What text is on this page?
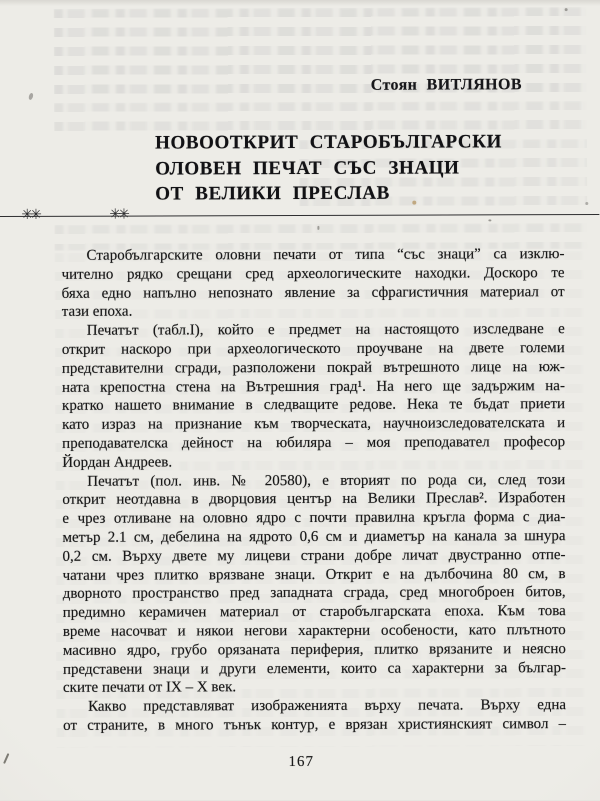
Стоян ВИТЛЯНОВ
НОВООТКРИТ СТАРОБЪЛГАРСКИ
ОЛОВЕН ПЕЧАТ СЪС ЗНАЦИ
ОТ ВЕЛИКИ ПРЕСЛАВ
✳✳	✳✳
Старобългарските оловни печати от типа “със знаци” са изклю-
чително рядко срещани сред археологическите находки. Доскоро те
бяха едно напълно непознато явление за сфрагистичния материал от
тази епоха.
Печатът (табл.I), който е предмет на настоящото изследване е
открит наскоро при археологическото проучване на двете големи
представителни сгради, разположени покрай вътрешното лице на юж-
ната крепостна стена на Вътрешния град¹. На него ще задържим на-
кратко нашето внимание в следващите редове. Нека те бъдат приети
като израз на признание към творческата, научноизследователската и
преподавателска дейност на юбиляра – моя преподавател професор
Йордан Андреев.
Печатът (пол. инв. № 20580), е вторият по рода си, след този
открит неотдавна в дворцовия център на Велики Преслав². Изработен
е чрез отливане на оловно ядро с почти правилна кръгла форма с диа-
метър 2.1 см, дебелина на ядрото 0,6 см и диаметър на канала за шнура
0,2 см. Върху двете му лицеви страни добре личат двустранно отпе-
чатани чрез плитко врязване знаци. Открит е на дълбочина 80 см, в
дворното пространство пред западната сграда, сред многоброен битов,
предимно керамичен материал от старобългарската епоха. Към това
време насочват и някои негови характерни особености, като плътното
масивно ядро, грубо орязаната периферия, плитко врязаните и неясно
представени знаци и други елементи, които са характерни за българ-
ските печати от IX – X век.
Какво представляват изображенията върху печата. Върху една
от страните, в много тънък контур, е врязан християнският символ –
167
